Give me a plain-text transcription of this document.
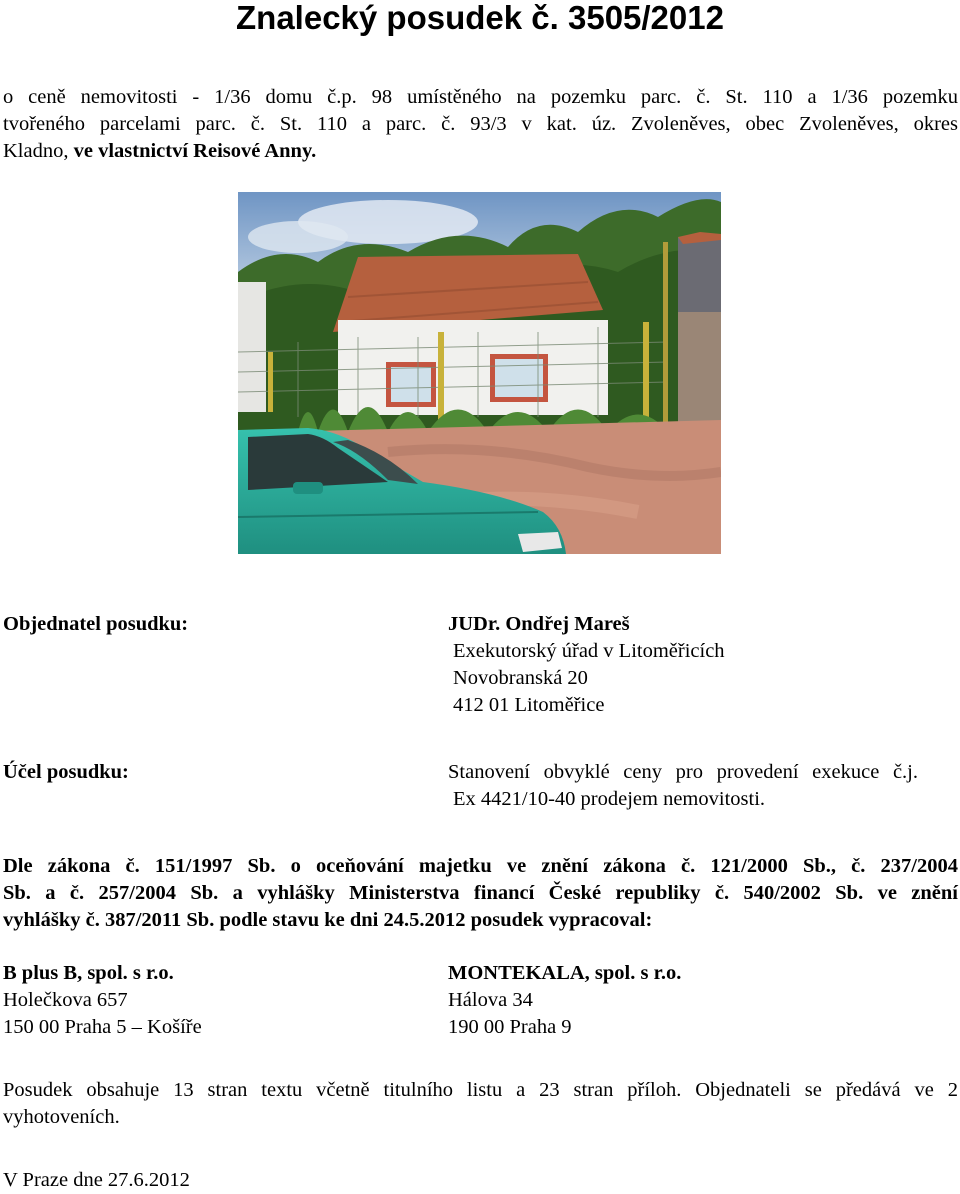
Znalecký posudek č. 3505/2012
o ceně nemovitosti - 1/36 domu č.p. 98 umístěného na pozemku parc. č. St. 110 a 1/36 pozemku
tvořeného parcelami parc. č. St. 110 a parc. č. 93/3 v kat. úz. Zvoleněves, obec Zvoleněves, okres
Kladno, ve vlastnictví Reisové Anny.
Objednatel posudku:	JUDr. Ondřej Mareš
Exekutorský úřad v Litoměřicích
Novobranská 20
412 01 Litoměřice
Účel posudku:	Stanovení obvyklé ceny pro provedení exekuce č.j.
Ex 4421/10-40 prodejem nemovitosti.
Dle zákona č. 151/1997 Sb. o oceňování majetku ve znění zákona č. 121/2000 Sb., č. 237/2004
Sb. a č. 257/2004 Sb. a vyhlášky Ministerstva financí České republiky č. 540/2002 Sb. ve znění
vyhlášky č. 387/2011 Sb. podle stavu ke dni 24.5.2012 posudek vypracoval:
B plus B, spol. s r.o.
Holečkova 657
150 00 Praha 5 – Košíře
MONTEKALA, spol. s r.o.
Hálova 34
190 00 Praha 9
Posudek obsahuje 13 stran textu včetně titulního listu a 23 stran příloh. Objednateli se předává ve 2
vyhotoveních.
V Praze dne 27.6.2012
